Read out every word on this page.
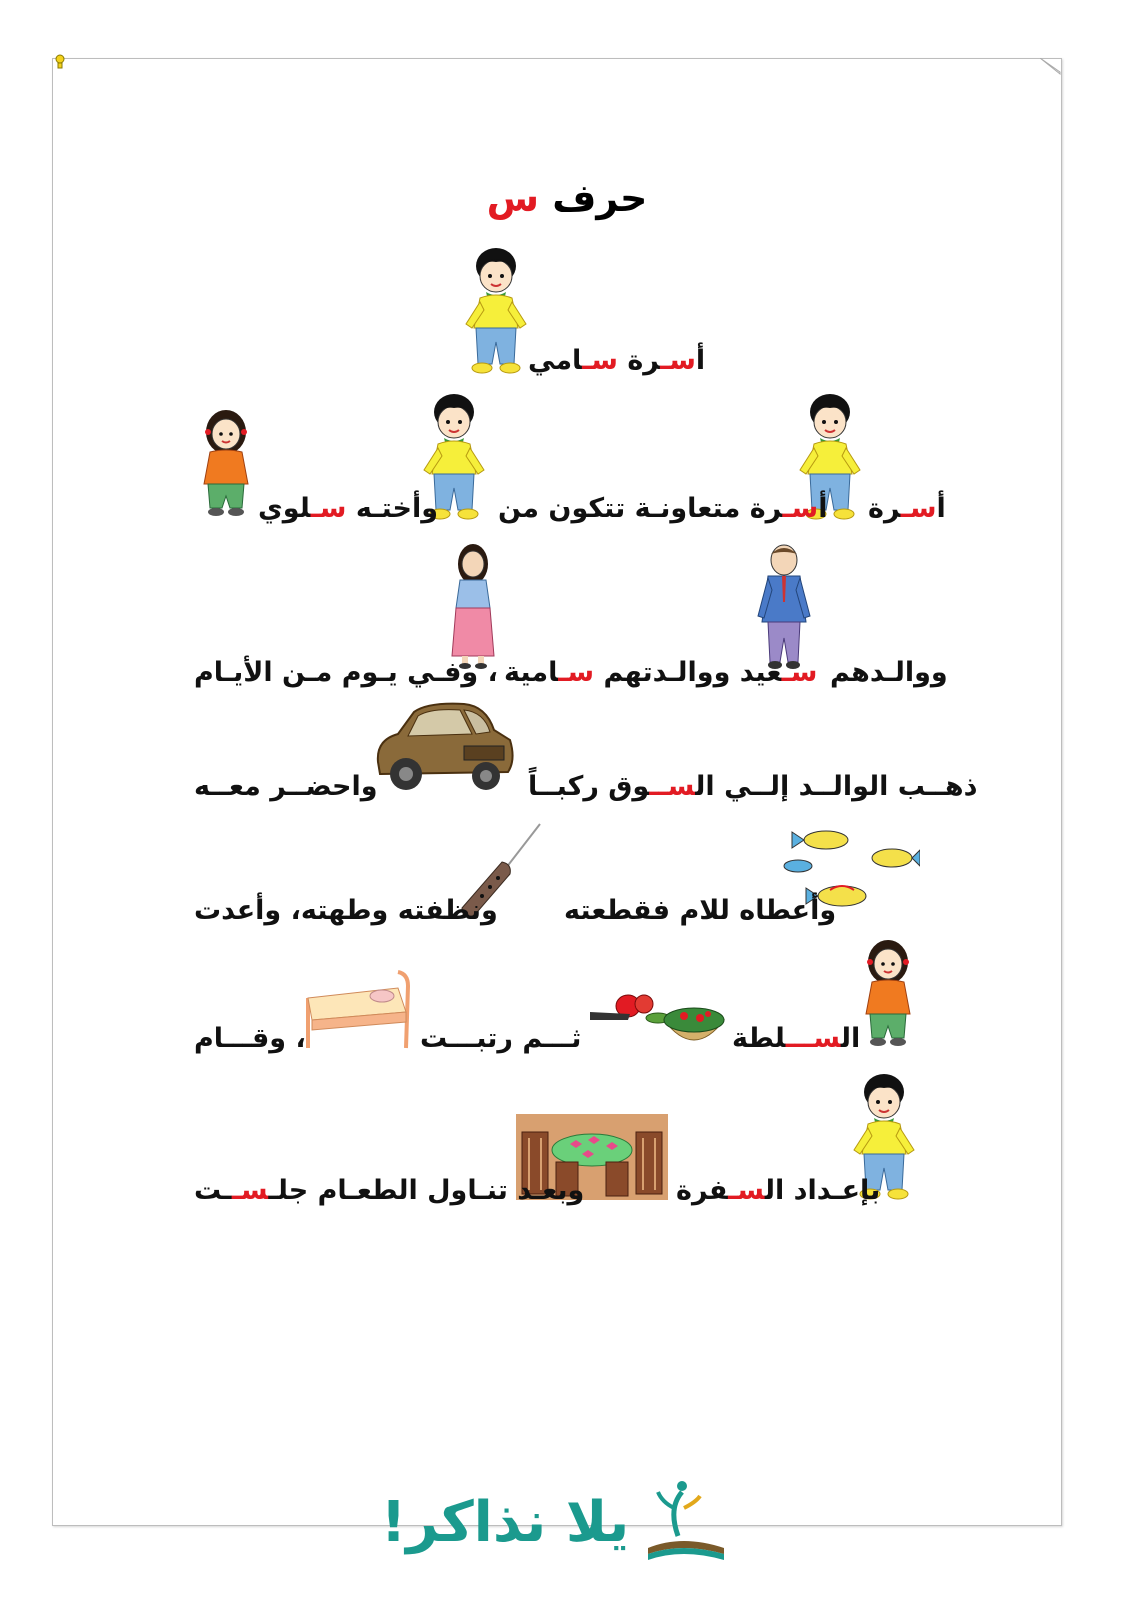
حرف س
أسـرة سـامي
أسـرة
أسـرة متعاونـة تتكون من
وأختـه سـلوي
ووالـدهم
سـعيد ووالـدتهم سـامية
، وفـي يـوم مـن الأيـام
ذهــب الوالــد إلــي الســوق ركبــاً
واحضــر معــه
وأعطاه للام فقطعته
ونظفته وطهته، وأعدت
الســـلطة
ثـــم رتبـــت
، وقـــام
بإعـداد السـفرة
وبعـد تنـاول الطعـام جلـســت
يلا نذاكر!
